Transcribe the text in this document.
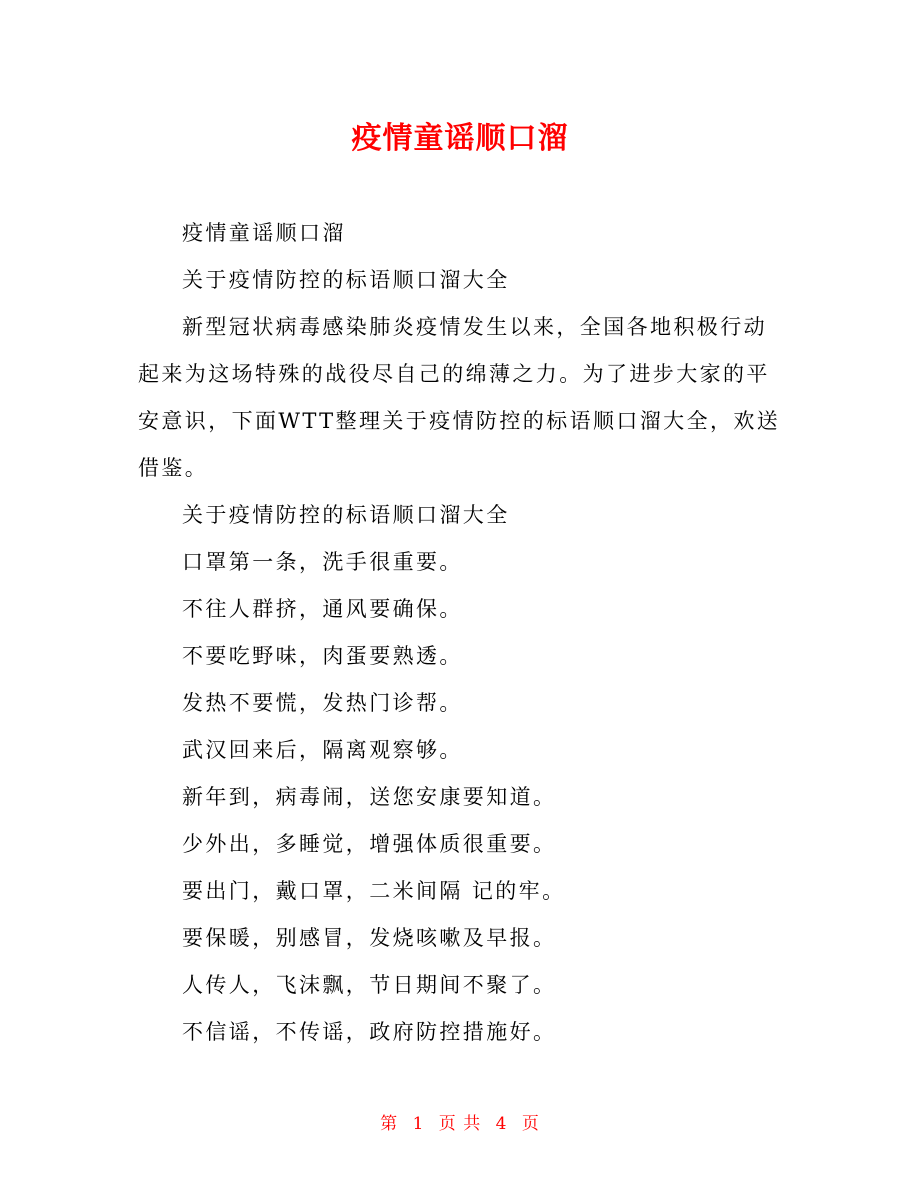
疫情童谣顺口溜

疫情童谣顺口溜

关于疫情防控的标语顺口溜大全

新型冠状病毒感染肺炎疫情发生以来，全国各地积极行动起来为这场特殊的战役尽自己的绵薄之力。为了进步大家的平安意识，下面WTT整理关于疫情防控的标语顺口溜大全，欢送借鉴。

关于疫情防控的标语顺口溜大全

口罩第一条，洗手很重要。

不往人群挤，通风要确保。

不要吃野味，肉蛋要熟透。

发热不要慌，发热门诊帮。

武汉回来后，隔离观察够。

新年到，病毒闹，送您安康要知道。

少外出，多睡觉，增强体质很重要。

要出门，戴口罩，二米间隔 记的牢。

要保暖，别感冒，发烧咳嗽及早报。

人传人，飞沫飘，节日期间不聚了。

不信谣，不传谣，政府防控措施好。

第 1 页 共 4 页
